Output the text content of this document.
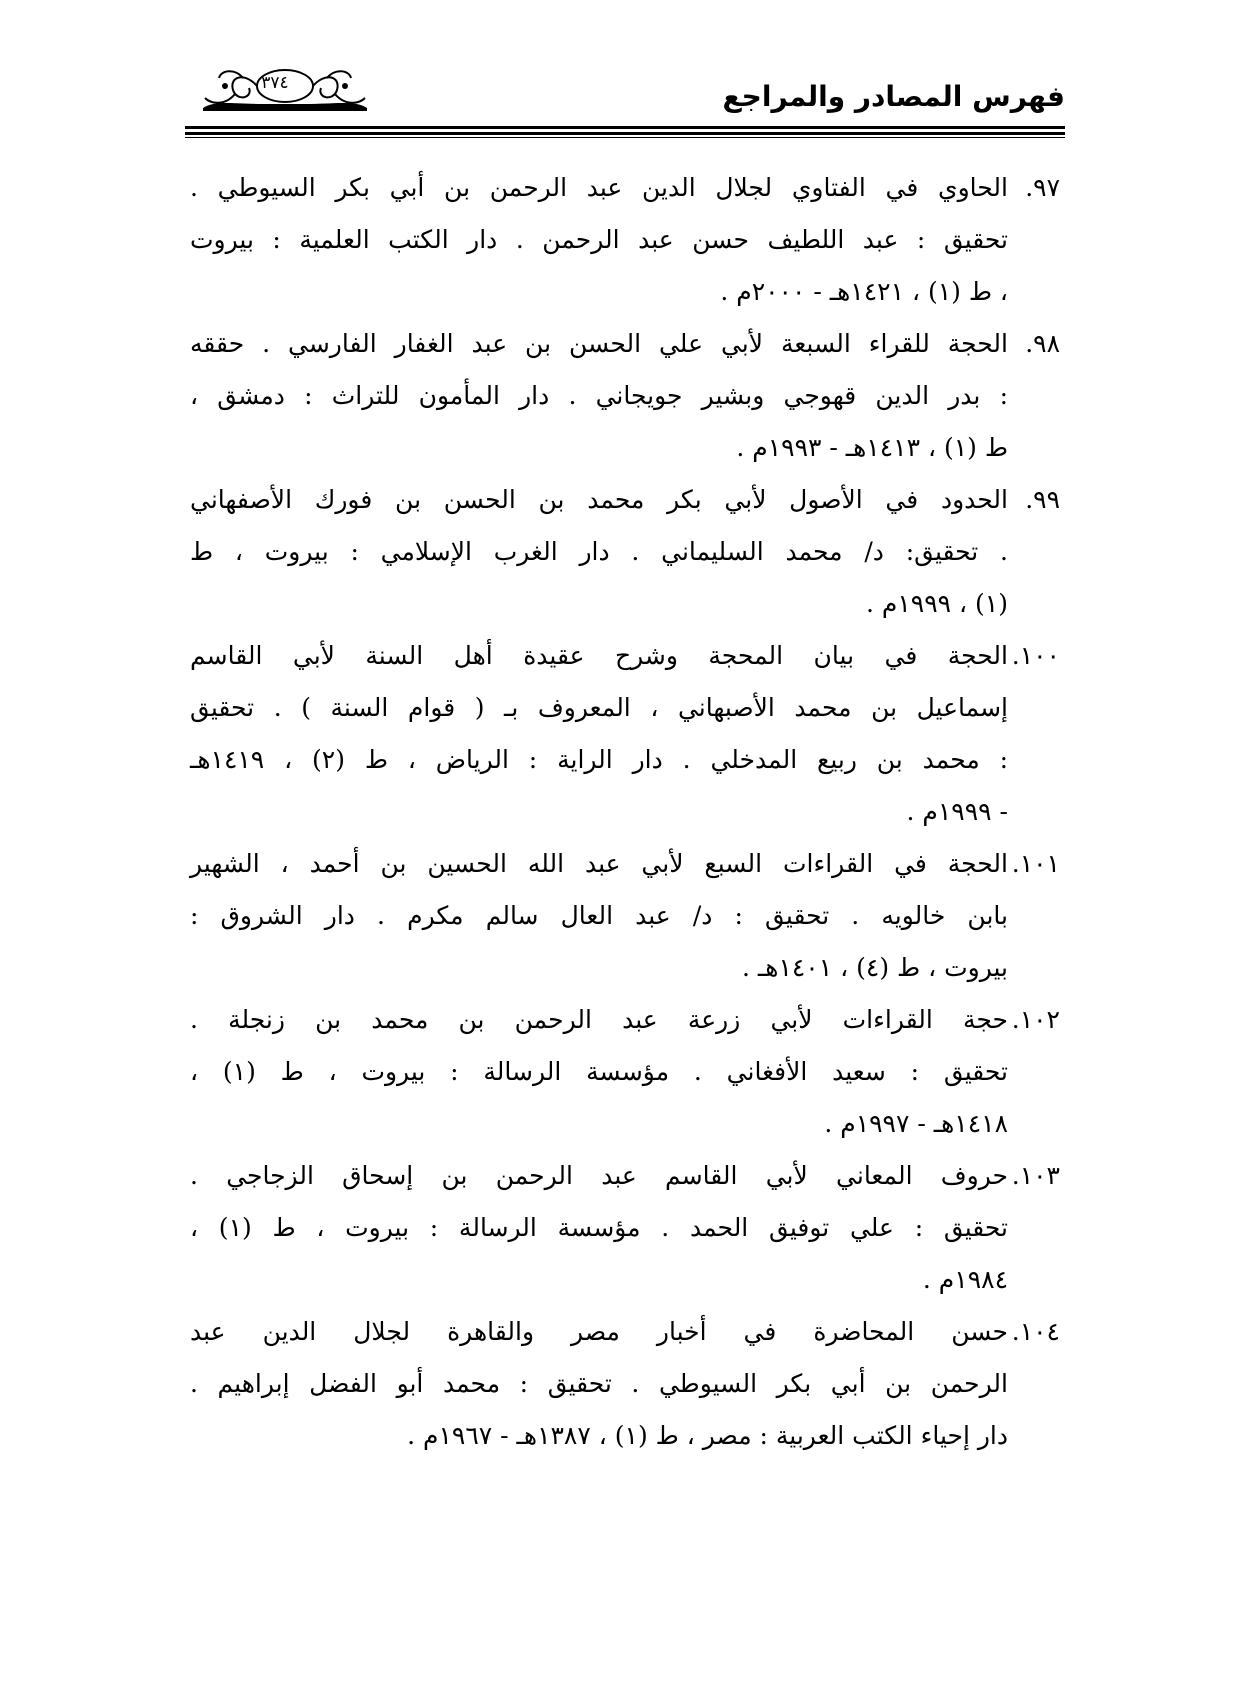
فهرس المصادر والمراجع
٣٧٤
٩٧.
الحاوي في الفتاوي لجلال الدين عبد الرحمن بن أبي بكر السيوطي .
تحقيق : عبد اللطيف حسن عبد الرحمن . دار الكتب العلمية : بيروت
، ط (١) ، ١٤٢١هـ - ٢٠٠٠م .
٩٨.
الحجة للقراء السبعة لأبي علي الحسن بن عبد الغفار الفارسي . حققه
: بدر الدين قهوجي وبشير جويجاني . دار المأمون للتراث : دمشق ،
ط (١) ، ١٤١٣هـ - ١٩٩٣م .
٩٩.
الحدود في الأصول لأبي بكر محمد بن الحسن بن فورك الأصفهاني
. تحقيق: د/ محمد السليماني . دار الغرب الإسلامي : بيروت ، ط
(١) ، ١٩٩٩م .
١٠٠.
الحجة في بيان المحجة وشرح عقيدة أهل السنة لأبي القاسم
إسماعيل بن محمد الأصبهاني ، المعروف بـ ( قوام السنة ) . تحقيق
: محمد بن ربيع المدخلي . دار الراية : الرياض ، ط (٢) ، ١٤١٩هـ
- ١٩٩٩م .
١٠١.
الحجة في القراءات السبع لأبي عبد الله الحسين بن أحمد ، الشهير
بابن خالويه . تحقيق : د/ عبد العال سالم مكرم . دار الشروق :
بيروت ، ط (٤) ، ١٤٠١هـ .
١٠٢.
حجة القراءات لأبي زرعة عبد الرحمن بن محمد بن زنجلة .
تحقيق : سعيد الأفغاني . مؤسسة الرسالة : بيروت ، ط (١) ،
١٤١٨هـ - ١٩٩٧م .
١٠٣.
حروف المعاني لأبي القاسم عبد الرحمن بن إسحاق الزجاجي .
تحقيق : علي توفيق الحمد . مؤسسة الرسالة : بيروت ، ط (١) ،
١٩٨٤م .
١٠٤.
حسن المحاضرة في أخبار مصر والقاهرة لجلال الدين عبد
الرحمن بن أبي بكر السيوطي . تحقيق : محمد أبو الفضل إبراهيم .
دار إحياء الكتب العربية : مصر ، ط (١) ، ١٣٨٧هـ - ١٩٦٧م .
